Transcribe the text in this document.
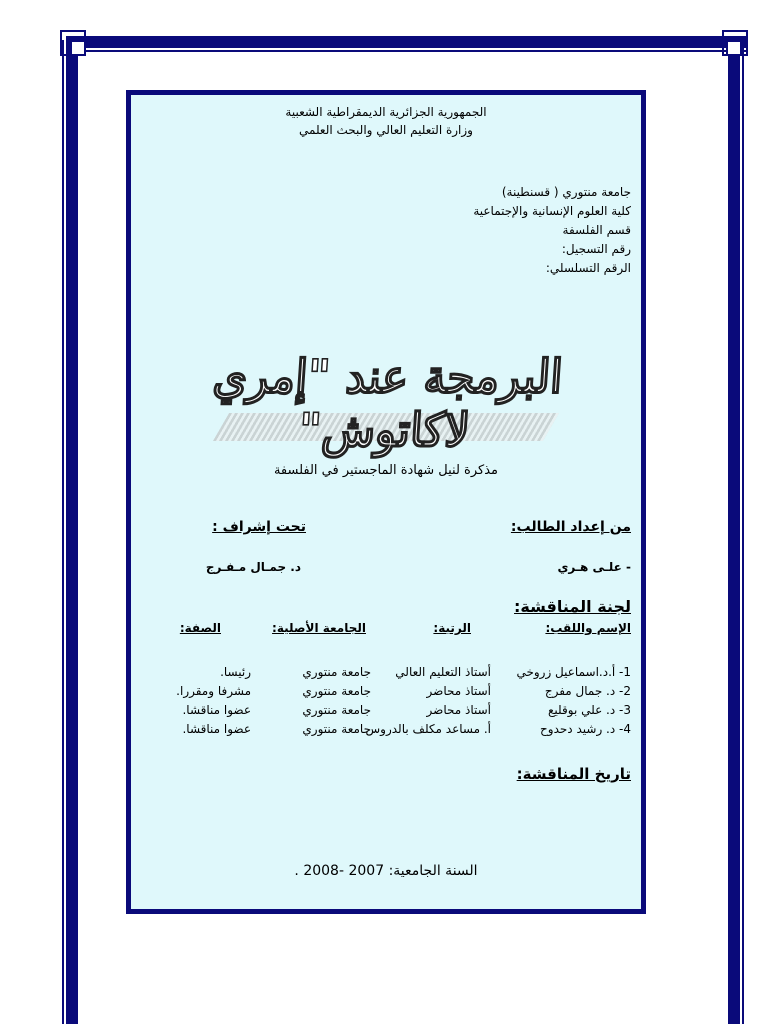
الجمهورية الجزائرية الديمقراطية الشعبية
وزارة التعليم العالي والبحث العلمي
جامعة منتوري ( قسنطينة)
كلية العلوم الإنسانية والإجتماعية
قسم الفلسفة
رقم التسجيل:
الرقم التسلسلي:
البرمجة عند "إمري لاكاتوش"
مذكرة لنيل شهادة الماجستير في الفلسفة
من إعداد الطالب:
تحت إشراف :
- علـى هـري
د. جمـال مـفـرج
لجنة المناقشة:
الإسم واللقب:
الرتبة:
الجامعة الأصلية:
الصفة:
1- أ.د.اسماعيل زروخي
أستاذ التعليم العالي
جامعة منتوري
رئيسا.
2- د. جمال مفرج
أستاذ محاضر
جامعة منتوري
مشرفا ومقررا.
3- د. علي بوقليع
أستاذ محاضر
جامعة منتوري
عضوا مناقشا.
4- د. رشيد دحدوح
أ. مساعد مكلف بالدروس
جامعة منتوري
عضوا مناقشا.
تاريخ المناقشة:
السنة الجامعية: 2007 -2008 .
